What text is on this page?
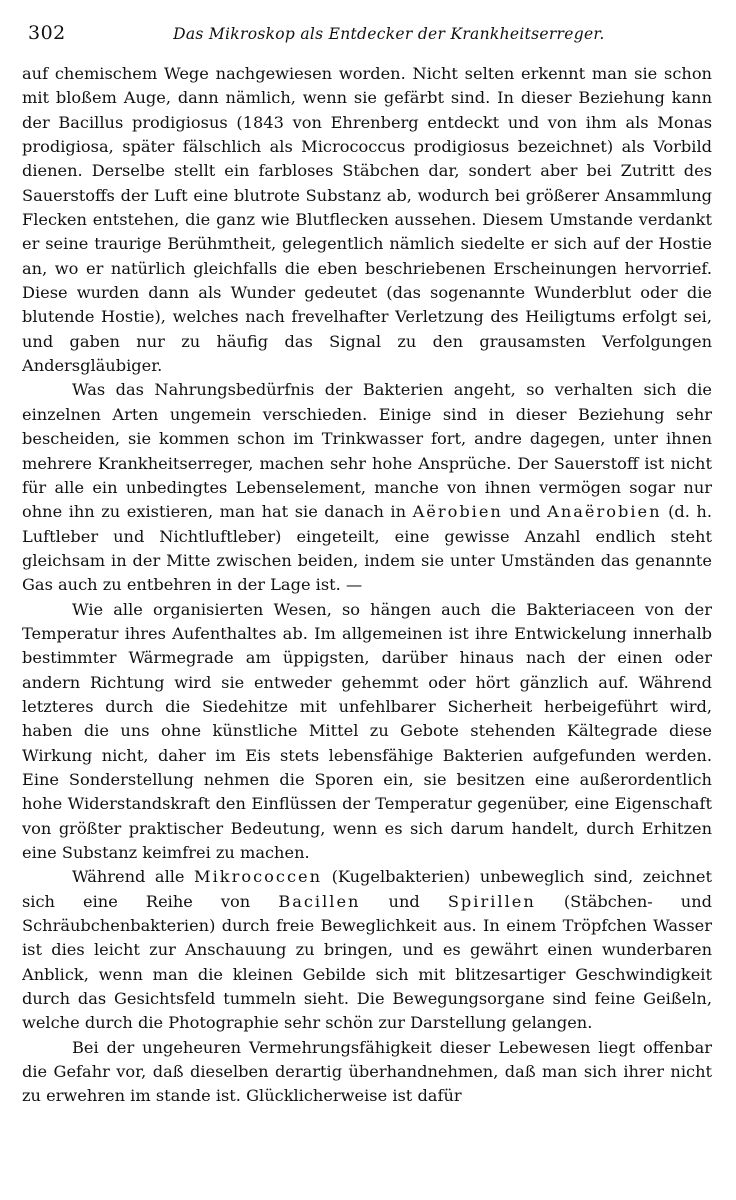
302	Das Mikroskop als Entdecker der Krankheitserreger.

auf chemischem Wege nachgewiesen worden. Nicht selten erkennt man sie schon mit bloßem Auge, dann nämlich, wenn sie gefärbt sind. In dieser Beziehung kann der Bacillus prodigiosus (1843 von Ehrenberg entdeckt und von ihm als Monas prodigiosa, später fälschlich als Micrococcus prodigiosus bezeichnet) als Vorbild dienen. Derselbe stellt ein farbloses Stäbchen dar, sondert aber bei Zutritt des Sauerstoffs der Luft eine blutrote Substanz ab, wodurch bei größerer Ansammlung Flecken entstehen, die ganz wie Blutflecken aussehen. Diesem Umstande verdankt er seine traurige Berühmtheit, gelegentlich nämlich siedelte er sich auf der Hostie an, wo er natürlich gleichfalls die eben beschriebenen Erscheinungen hervorrief. Diese wurden dann als Wunder gedeutet (das sogenannte Wunderblut oder die blutende Hostie), welches nach frevelhafter Verletzung des Heiligtums erfolgt sei, und gaben nur zu häufig das Signal zu den grausamsten Verfolgungen Andersgläubiger.

Was das Nahrungsbedürfnis der Bakterien angeht, so verhalten sich die einzelnen Arten ungemein verschieden. Einige sind in dieser Beziehung sehr bescheiden, sie kommen schon im Trinkwasser fort, andre dagegen, unter ihnen mehrere Krankheitserreger, machen sehr hohe Ansprüche. Der Sauerstoff ist nicht für alle ein unbedingtes Lebenselement, manche von ihnen vermögen sogar nur ohne ihn zu existieren, man hat sie danach in Aërobien und Anaërobien (d. h. Luftleber und Nichtluftleber) eingeteilt, eine gewisse Anzahl endlich steht gleichsam in der Mitte zwischen beiden, indem sie unter Umständen das genannte Gas auch zu entbehren in der Lage ist. —

Wie alle organisierten Wesen, so hängen auch die Bakteriaceen von der Temperatur ihres Aufenthaltes ab. Im allgemeinen ist ihre Entwickelung innerhalb bestimmter Wärmegrade am üppigsten, darüber hinaus nach der einen oder andern Richtung wird sie entweder gehemmt oder hört gänzlich auf. Während letzteres durch die Siedehitze mit unfehlbarer Sicherheit herbeigeführt wird, haben die uns ohne künstliche Mittel zu Gebote stehenden Kältegrade diese Wirkung nicht, daher im Eis stets lebensfähige Bakterien aufgefunden werden. Eine Sonderstellung nehmen die Sporen ein, sie besitzen eine außerordentlich hohe Widerstandskraft den Einflüssen der Temperatur gegenüber, eine Eigenschaft von größter praktischer Bedeutung, wenn es sich darum handelt, durch Erhitzen eine Substanz keimfrei zu machen.

Während alle Mikrococcen (Kugelbakterien) unbeweglich sind, zeichnet sich eine Reihe von Bacillen und Spirillen (Stäbchen- und Schräubchenbakterien) durch freie Beweglichkeit aus. In einem Tröpfchen Wasser ist dies leicht zur Anschauung zu bringen, und es gewährt einen wunderbaren Anblick, wenn man die kleinen Gebilde sich mit blitzesartiger Geschwindigkeit durch das Gesichtsfeld tummeln sieht. Die Bewegungsorgane sind feine Geißeln, welche durch die Photographie sehr schön zur Darstellung gelangen.

Bei der ungeheuren Vermehrungsfähigkeit dieser Lebewesen liegt offenbar die Gefahr vor, daß dieselben derartig überhandnehmen, daß man sich ihrer nicht zu erwehren im stande ist. Glücklicherweise ist dafür
